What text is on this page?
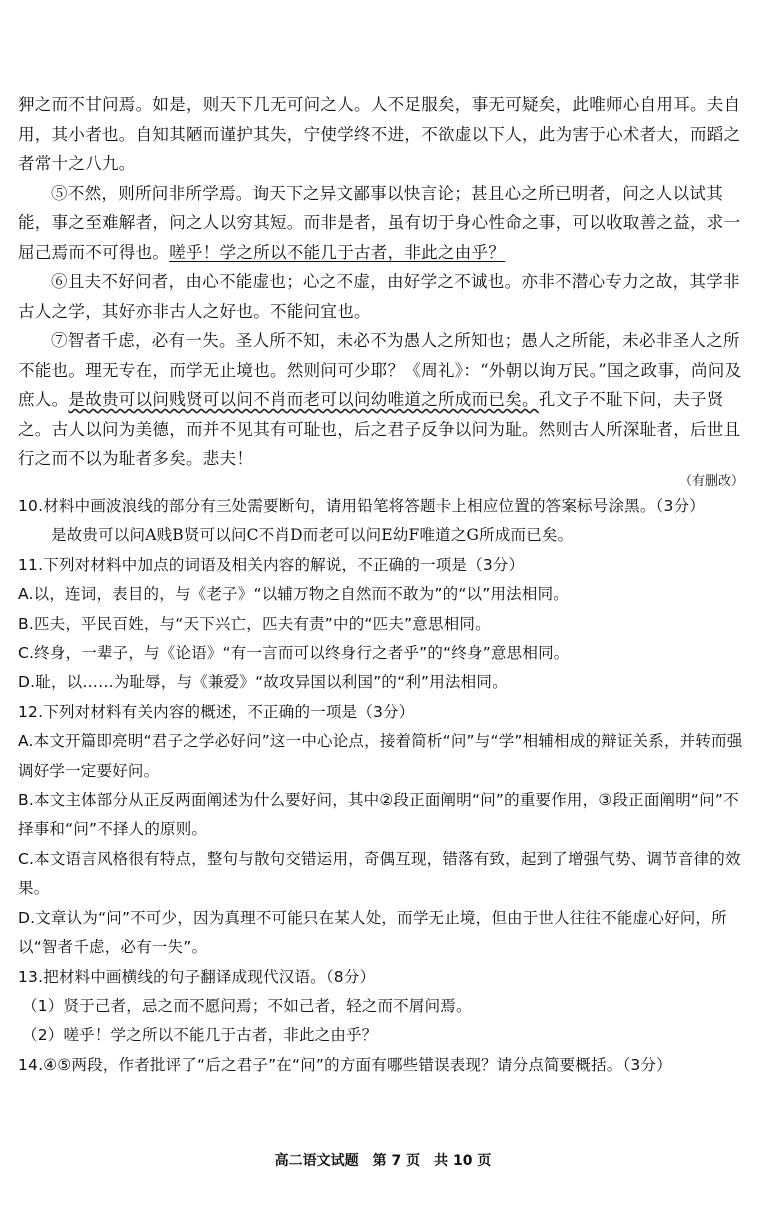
狎之而不甘问焉。如是，则天下几无可问之人。人不足服矣，事无可疑矣，此唯师心自用耳。夫自用，其小者也。自知其陋而谨护其失，宁使学终不进，不欲虚以下人，此为害于心术者大，而蹈之者常十之八九。

⑤不然，则所问非所学焉。询天下之异文鄙事以快言论；甚且心之所已明者，问之人以试其能，事之至难解者，问之人以穷其短。而非是者，虽有切于身心性命之事，可以收取善之益，求一屈己焉而不可得也。嗟乎！学之所以不能几于古者，非此之由乎？

⑥且夫不好问者，由心不能虚也；心之不虚，由好学之不诚也。亦非不潜心专力之故，其学非古人之学，其好亦非古人之好也。不能问宜也。

⑦智者千虑，必有一失。圣人所不知，未必不为愚人之所知也；愚人之所能，未必非圣人之所不能也。理无专在，而学无止境也。然则问可少耶？《周礼》：“外朝以询万民。”国之政事，尚问及庶人。是故贵可以问贱贤可以问不肖而老可以问幼唯道之所成而已矣。孔文子不耻下问，夫子贤之。古人以问为美德，而并不见其有可耻也，后之君子反争以问为耻。然则古人所深耻者，后世且行之而不以为耻者多矣。悲夫！

（有删改）

10.材料中画波浪线的部分有三处需要断句，请用铅笔将答题卡上相应位置的答案标号涂黑。（3分）

是故贵可以问A贱B贤可以问C不肖D而老可以问E幼F唯道之G所成而已矣。

11.下列对材料中加点的词语及相关内容的解说，不正确的一项是（3分）

A.以，连词，表目的，与《老子》“以辅万物之自然而不敢为”的“以”用法相同。

B.匹夫，平民百姓，与“天下兴亡，匹夫有责”中的“匹夫”意思相同。

C.终身，一辈子，与《论语》“有一言而可以终身行之者乎”的“终身”意思相同。

D.耻，以……为耻辱，与《兼爱》“故攻异国以利国”的“利”用法相同。

12.下列对材料有关内容的概述，不正确的一项是（3分）

A.本文开篇即亮明“君子之学必好问”这一中心论点，接着简析“问”与“学”相辅相成的辩证关系，并转而强调好学一定要好问。

B.本文主体部分从正反两面阐述为什么要好问，其中②段正面阐明“问”的重要作用，③段正面阐明“问”不择事和“问”不择人的原则。

C.本文语言风格很有特点，整句与散句交错运用，奇偶互现，错落有致，起到了增强气势、调节音律的效果。

D.文章认为“问”不可少，因为真理不可能只在某人处，而学无止境，但由于世人往往不能虚心好问，所以“智者千虑，必有一失”。

13.把材料中画横线的句子翻译成现代汉语。（8分）

（1）贤于己者，忌之而不愿问焉；不如己者，轻之而不屑问焉。

（2）嗟乎！学之所以不能几于古者，非此之由乎？

14.④⑤两段，作者批评了“后之君子”在“问”的方面有哪些错误表现？请分点简要概括。（3分）

高二语文试题　第 7 页　共 10 页
